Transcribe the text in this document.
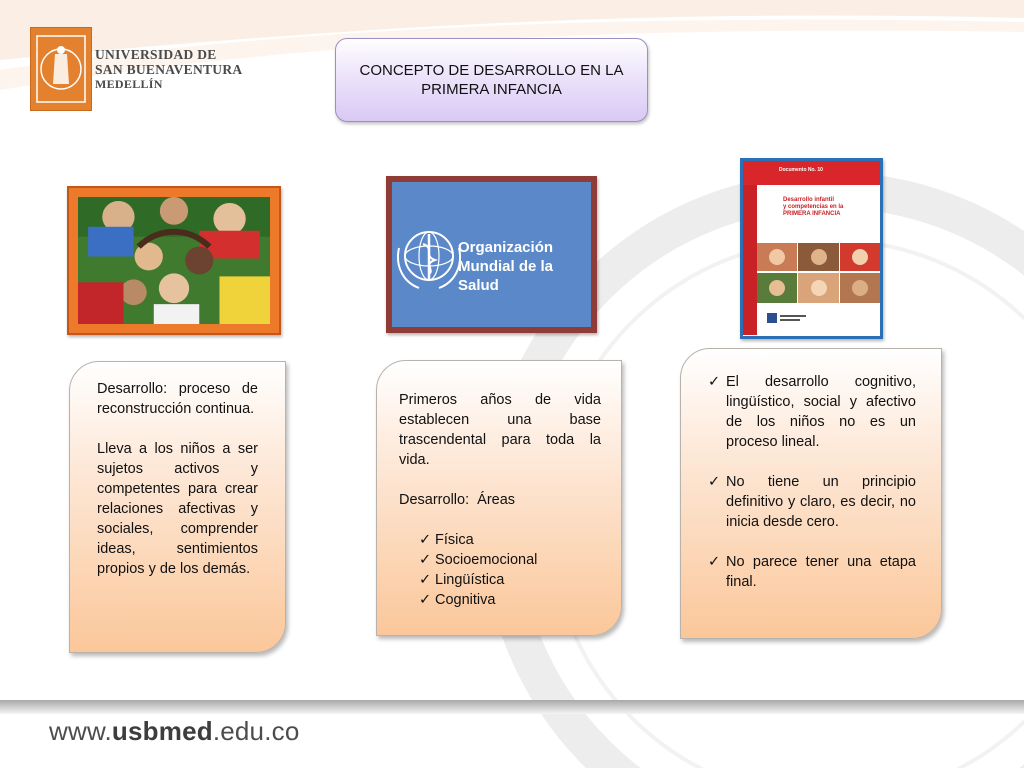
UNIVERSIDAD DE
SAN BUENAVENTURA
MEDELLÍN
CONCEPTO DE DESARROLLO EN LA PRIMERA INFANCIA
Organización
Mundial de la Salud
Documento No. 10
Desarrollo infantil
y competencias en la
PRIMERA INFANCIA

Desarrollo: proceso de reconstrucción continua.

Lleva a los niños a ser sujetos activos y competentes para crear relaciones afectivas y sociales, comprender ideas, sentimientos propios y de los demás.

Primeros años de vida establecen una base trascendental para toda la vida.

Desarrollo:  Áreas

✓ Física
✓ Socioemocional
✓ Lingüística
✓ Cognitiva
✓ El desarrollo cognitivo, lingüístico, social y afectivo de los niños no es un proceso lineal.
✓ No tiene un principio definitivo y claro, es decir, no inicia desde cero.
✓ No parece tener una etapa final.
www.usbmed.edu.co
